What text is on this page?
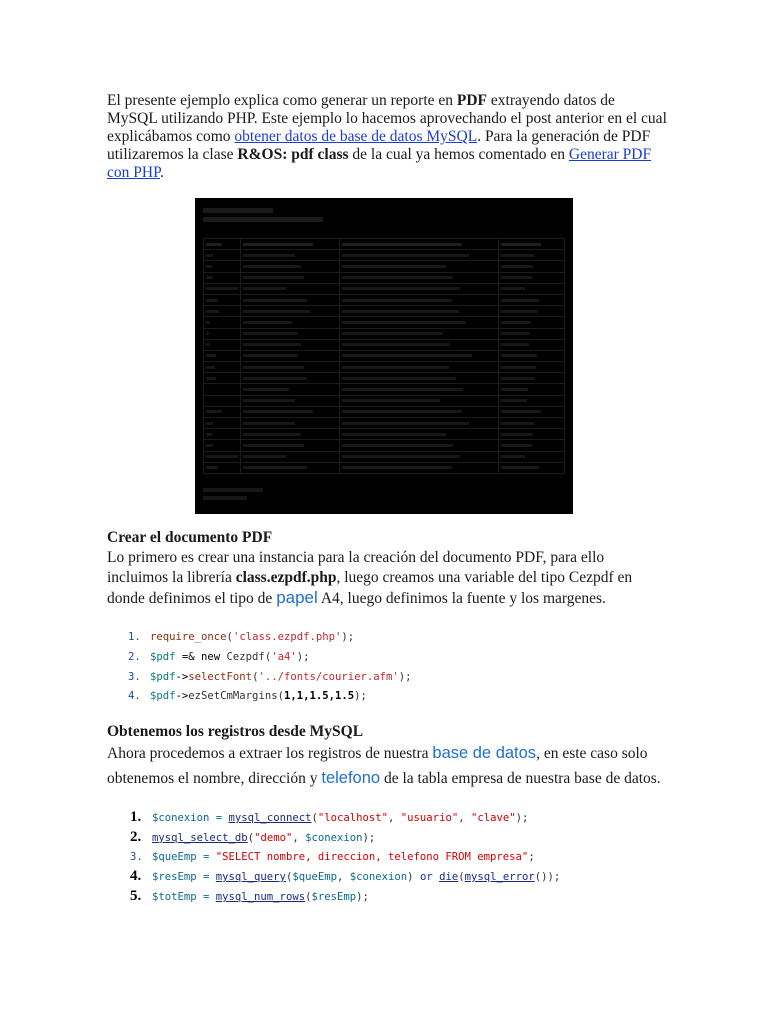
El presente ejemplo explica como generar un reporte en PDF extrayendo datos de MySQL utilizando PHP. Este ejemplo lo hacemos aprovechando el post anterior en el cual explicábamos como obtener datos de base de datos MySQL. Para la generación de PDF utilizaremos la clase R&OS: pdf class de la cual ya hemos comentado en Generar PDF con PHP.

Crear el documento PDF

Lo primero es crear una instancia para la creación del documento PDF, para ello incluimos la librería class.ezpdf.php, luego creamos una variable del tipo Cezpdf en donde definimos el tipo de papel A4, luego definimos la fuente y los margenes.

1. require_once('class.ezpdf.php');
2. $pdf =& new Cezpdf('a4');
3. $pdf->selectFont('../fonts/courier.afm');
4. $pdf->ezSetCmMargins(1,1,1.5,1.5);
Obtenemos los registros desde MySQL

Ahora procedemos a extraer los registros de nuestra base de datos, en este caso solo obtenemos el nombre, dirección y telefono de la tabla empresa de nuestra base de datos.

1. $conexion = mysql_connect("localhost", "usuario", "clave");
2. mysql_select_db("demo", $conexion);
3. $queEmp = "SELECT nombre, direccion, telefono FROM empresa";
4. $resEmp = mysql_query($queEmp, $conexion) or die(mysql_error());
5. $totEmp = mysql_num_rows($resEmp);
